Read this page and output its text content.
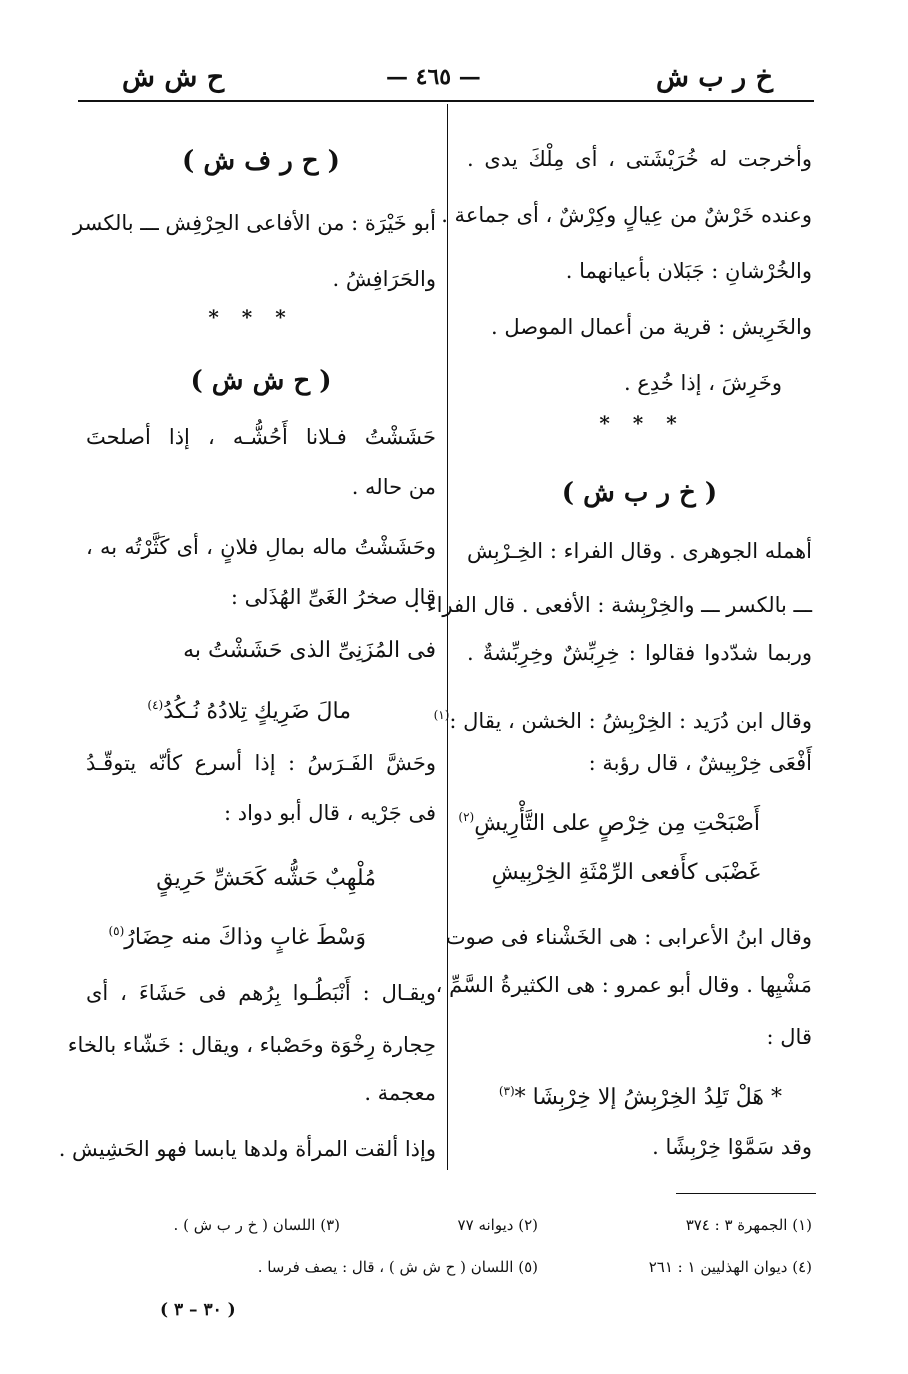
خ ر ب ش
— ٤٦٥ —
ح ش ش
وأخرجت له خُرَيْشَتى ، أى مِلْكَ يدى .
وعنده خَرْشٌ من عِيالٍ وكِرْشٌ ، أى جماعة .
والخُرْشانِ : جَبَلان بأعيانهما .
والخَرِيش : قرية من أعمال الموصل .
وخَرِشَ ، إذا خُدِع .
* * *
( خ ر ب ش )
أهمله الجوهرى . وقال الفراء : الخِـرْبِش
ـــ بالكسر ـــ والخِرْبِشة : الأفعى . قال الفراء :
وربما شدّدوا فقالوا : خِرِبِّشٌ وخِرِبِّشةٌ .
وقال ابن دُرَيد : الخِرْبِشُ : الخشن ، يقال :$^{(١)}$
أَفْعَى خِرْبِيشٌ ، قال رؤبة :
أَصْبَحْتِ مِن خِرْصٍ على التَّأْرِيشِ$^{(٢)}$
غَضْبَى كأَفعى الرِّمْثَةِ الخِرْبِيشِ
وقال ابنُ الأعرابى : هى الخَشْناء فى صوت
مَشْيِها . وقال أبو عمرو : هى الكثيرةُ السَّمِّ ،
قال :
* هَلْ تَلِدُ الخِرْبِشُ إلا خِرْبِشَا *$^{(٣)}$
وقد سَمَّوْا خِرْبِشًا .
( ح ر ف ش )
أبو خَيْرَة : من الأفاعى الحِرْفِش ـــ بالكسر
والحَرَافِشُ .
* * *
( ح ش ش )
حَشَشْتُ فـلانا أَحُشُّـه ، إذا أصلحتَ
من حاله .
وحَشَشْتُ ماله بمالِ فلانٍ ، أى كَثَّرْتُه به ،
قال صخرُ الغَىِّ الهُذَلى :
فى المُزَنِىِّ الذى حَشَشْتُ به
مالَ ضَرِيكٍ تِلادُهُ نُـكُدُ$^{(٤)}$
وحَشَّ الفَـرَسُ : إذا أسرع كأنّه يتوقّـدُ
فى جَرْيه ، قال أبو دواد :
مُلْهِبٌ حَشُّه كَحَشِّ حَرِيقٍ
وَسْطَ غابٍ وذاكَ منه حِضَارُ$^{(٥)}$
ويقـال : أَنْبَطُـوا بِرُهم فى حَشَاءَ ، أى
حِجارة رِخْوَة وحَصْباء ، ويقال : خَشّاء بالخاء
معجمة .
وإذا ألقت المرأة ولدها يابسا فهو الحَشِيش .
(١) الجمهرة ٣ : ٣٧٤
(٢) ديوانه ٧٧
(٣) اللسان ( خ ر ب ش ) .
(٤) ديوان الهذليين ١ : ٢٦١
(٥) اللسان ( ح ش ش ) ، قال : يصف فرسا .
( ٣٠ – ٣ )
